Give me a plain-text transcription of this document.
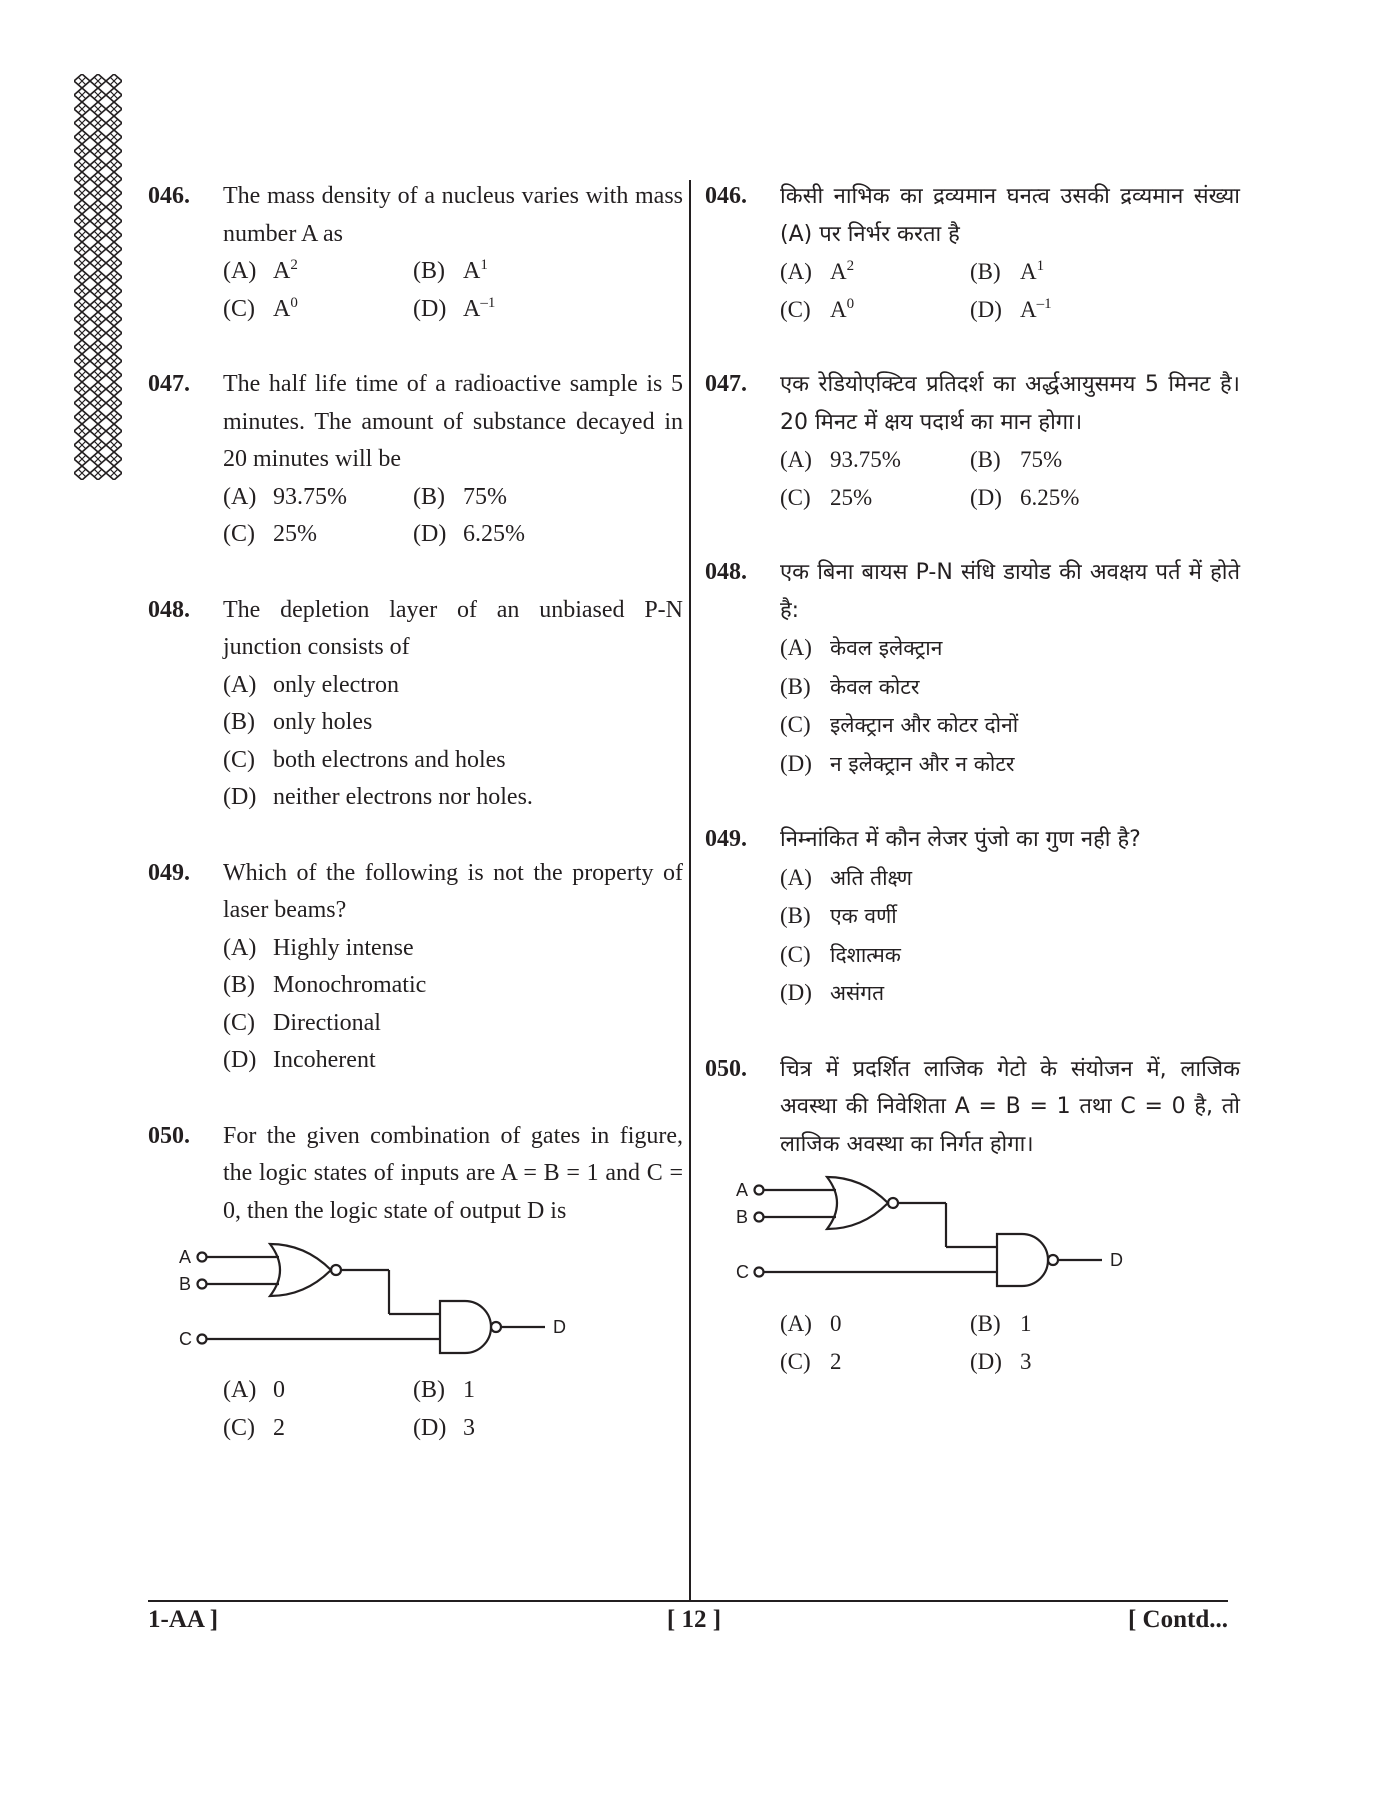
046. The mass density of a nucleus varies with mass number A as
(A) $A^2$	(B) $A^1$
(C) $A^0$	(D) $A^{-1}$
047. The half life time of a radioactive sample is 5 minutes. The amount of substance decayed in 20 minutes will be
(A) 93.75%	(B) 75%
(C) 25%	(D) 6.25%
048. The depletion layer of an unbiased P-N junction consists of
(A) only electron
(B) only holes
(C) both electrons and holes
(D) neither electrons nor holes.
049. Which of the following is not the property of laser beams?
(A) Highly intense
(B) Monochromatic
(C) Directional
(D) Incoherent
050. For the given combination of gates in figure, the logic states of inputs are A = B = 1 and C = 0, then the logic state of output D is
A
B
C
D
(A) 0	(B) 1
(C) 2	(D) 3
046. किसी नाभिक का द्रव्यमान घनत्व उसकी द्रव्यमान संख्या (A) पर निर्भर करता है
(A) $A^2$	(B) $A^1$
(C) $A^0$	(D) $A^{-1}$
047. एक रेडियोएक्टिव प्रतिदर्श का अर्द्धआयुसमय 5 मिनट है। 20 मिनट में क्षय पदार्थ का मान होगा।
(A) 93.75%	(B) 75%
(C) 25%	(D) 6.25%
048. एक बिना बायस P-N संधि डायोड की अवक्षय पर्त में होते है:
(A) केवल इलेक्ट्रान
(B) केवल कोटर
(C) इलेक्ट्रान और कोटर दोनों
(D) न इलेक्ट्रान और न कोटर
049. निम्नांकित में कौन लेजर पुंजो का गुण नही है?
(A) अति तीक्ष्ण
(B) एक वर्णी
(C) दिशात्मक
(D) असंगत
050. चित्र में प्रदर्शित लाजिक गेटो के संयोजन में, लाजिक अवस्था की निवेशिता A = B = 1 तथा C = 0 है, तो लाजिक अवस्था का निर्गत होगा।
A
B
C
D
(A) 0	(B) 1
(C) 2	(D) 3
1-AA ]	[ 12 ]	[ Contd...
